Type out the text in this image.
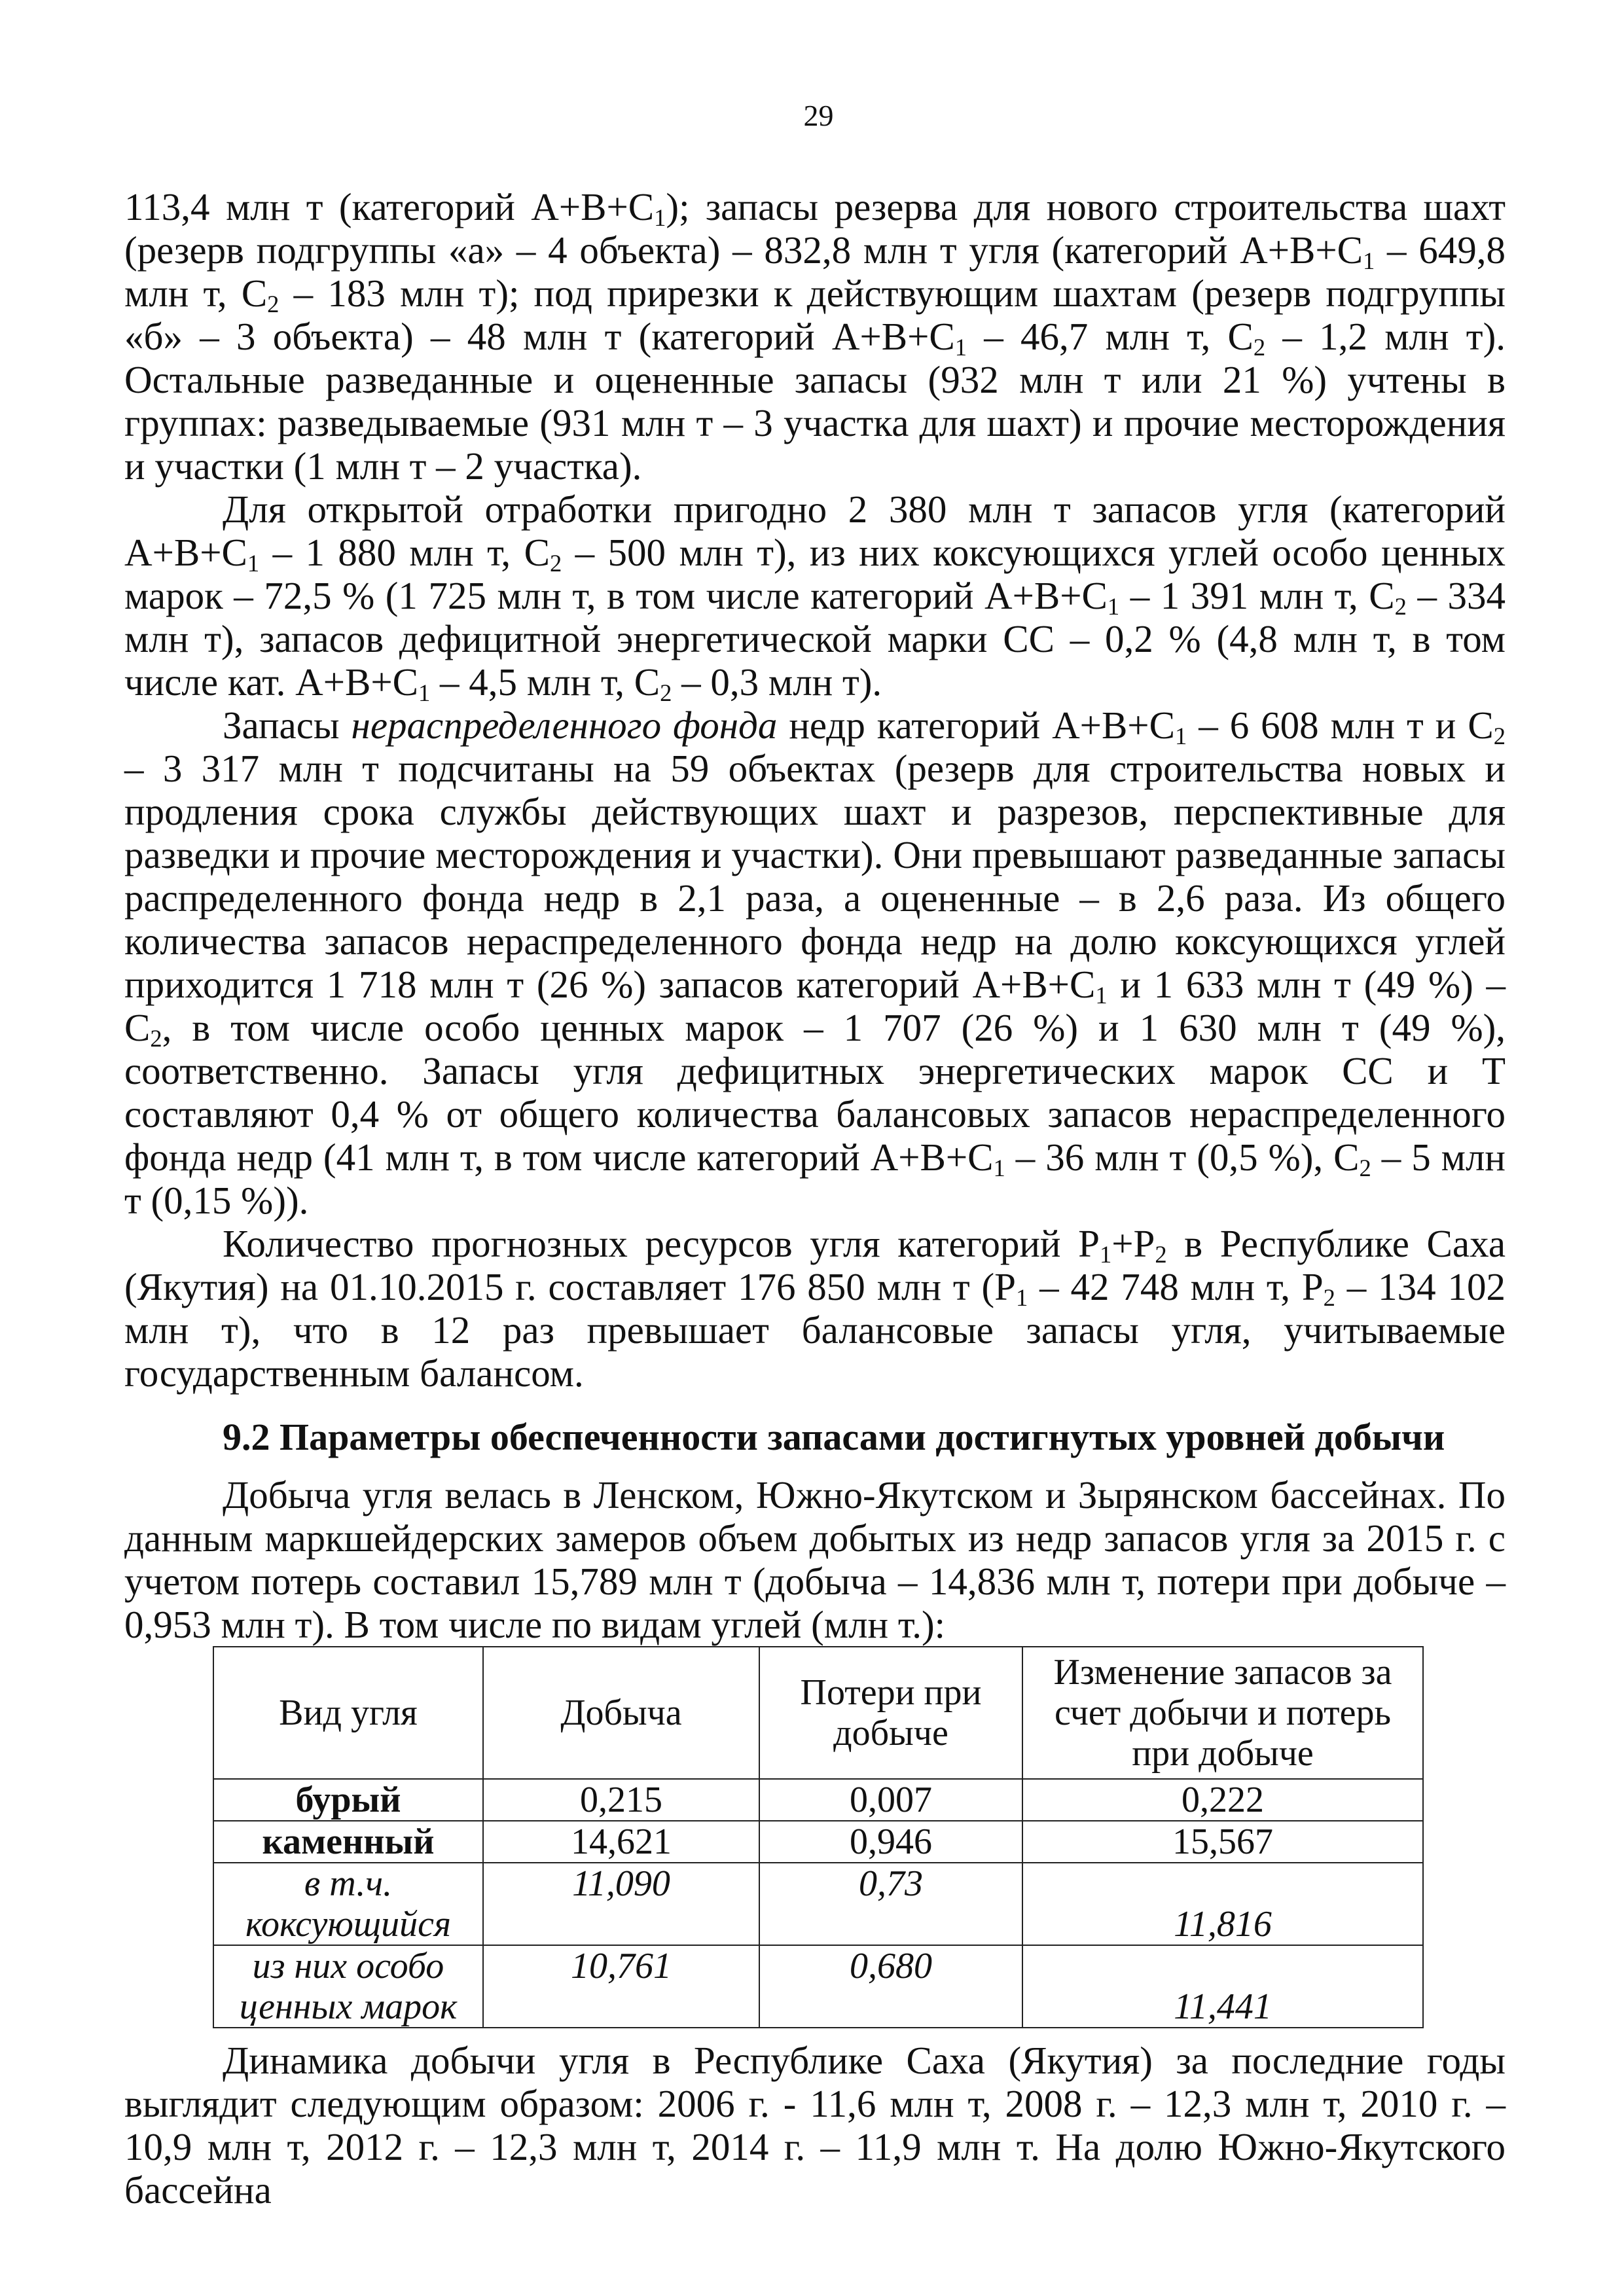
29

113,4 млн т (категорий $А+В+С_1$); запасы резерва для нового строительства шахт (резерв подгруппы «а» – 4 объекта) – 832,8 млн т угля (категорий $А+В+С_1 - 649,8$ млн т, $С_2 - 183$ млн т); под прирезки к действующим шахтам (резерв подгруппы «б» – 3 объекта) – 48 млн т (категорий $А+В+С_1 - 46,7$ млн т, $С_2 - 1,2$ млн т). Остальные разведанные и оцененные запасы (932 млн т или 21 %) учтены в группах: разведываемые (931 млн т – 3 участка для шахт) и прочие месторождения и участки (1 млн т – 2 участка).

Для открытой отработки пригодно 2 380 млн т запасов угля (категорий $А+В+С_1 - 1$ 880 млн т, $С_2 - 500$ млн т), из них коксующихся углей особо ценных марок – 72,5 % (1 725 млн т, в том числе категорий $А+В+С_1 - 1$ 391 млн т, $С_2 - 334$ млн т), запасов дефицитной энергетической марки СС – 0,2 % (4,8 млн т, в том числе кат. $А+В+С_1 - 4,5$ млн т, $С_2 - 0,3$ млн т).

Запасы нераспределенного фонда недр категорий $А+В+С_1 - 6$ 608 млн т и $С_2 - 3$ 317 млн т подсчитаны на 59 объектах (резерв для строительства новых и продления срока службы действующих шахт и разрезов, перспективные для разведки и прочие месторождения и участки). Они превышают разведанные запасы распределенного фонда недр в 2,1 раза, а оцененные – в 2,6 раза. Из общего количества запасов нераспределенного фонда недр на долю коксующихся углей приходится 1 718 млн т (26 %) запасов категорий $А+В+С_1$ и 1 633 млн т (49 %) – $С_2$, в том числе особо ценных марок – 1 707 (26 %) и 1 630 млн т (49 %), соответственно. Запасы угля дефицитных энергетических марок СС и Т составляют 0,4 % от общего количества балансовых запасов нераспределенного фонда недр (41 млн т, в том числе категорий $А+В+С_1 - 36$ млн т (0,5 %), $С_2 - 5$ млн т (0,15 %)).

Количество прогнозных ресурсов угля категорий $Р_1+Р_2$ в Республике Саха (Якутия) на 01.10.2015 г. составляет 176 850 млн т ($Р_1 - 42$ 748 млн т, $Р_2 - 134$ 102 млн т), что в 12 раз превышает балансовые запасы угля, учитываемые государственным балансом.

9.2 Параметры обеспеченности запасами достигнутых уровней добычи

Добыча угля велась в Ленском, Южно-Якутском и Зырянском бассейнах. По данным маркшейдерских замеров объем добытых из недр запасов угля за 2015 г. с учетом потерь составил 15,789 млн т (добыча – 14,836 млн т, потери при добыче – 0,953 млн т). В том числе по видам углей (млн т.):

Вид угля	Добыча	Потери при добыче	Изменение запасов за счет добычи и потерь при добыче
бурый	0,215	0,007	0,222
каменный	14,621	0,946	15,567
в т.ч. коксующийся	11,090	0,73	11,816
из них особо ценных марок	10,761	0,680	11,441

Динамика добычи угля в Республике Саха (Якутия) за последние годы выглядит следующим образом: 2006 г. - 11,6 млн т, 2008 г. – 12,3 млн т, 2010 г. – 10,9 млн т, 2012 г. – 12,3 млн т, 2014 г. – 11,9 млн т. На долю Южно-Якутского бассейна
